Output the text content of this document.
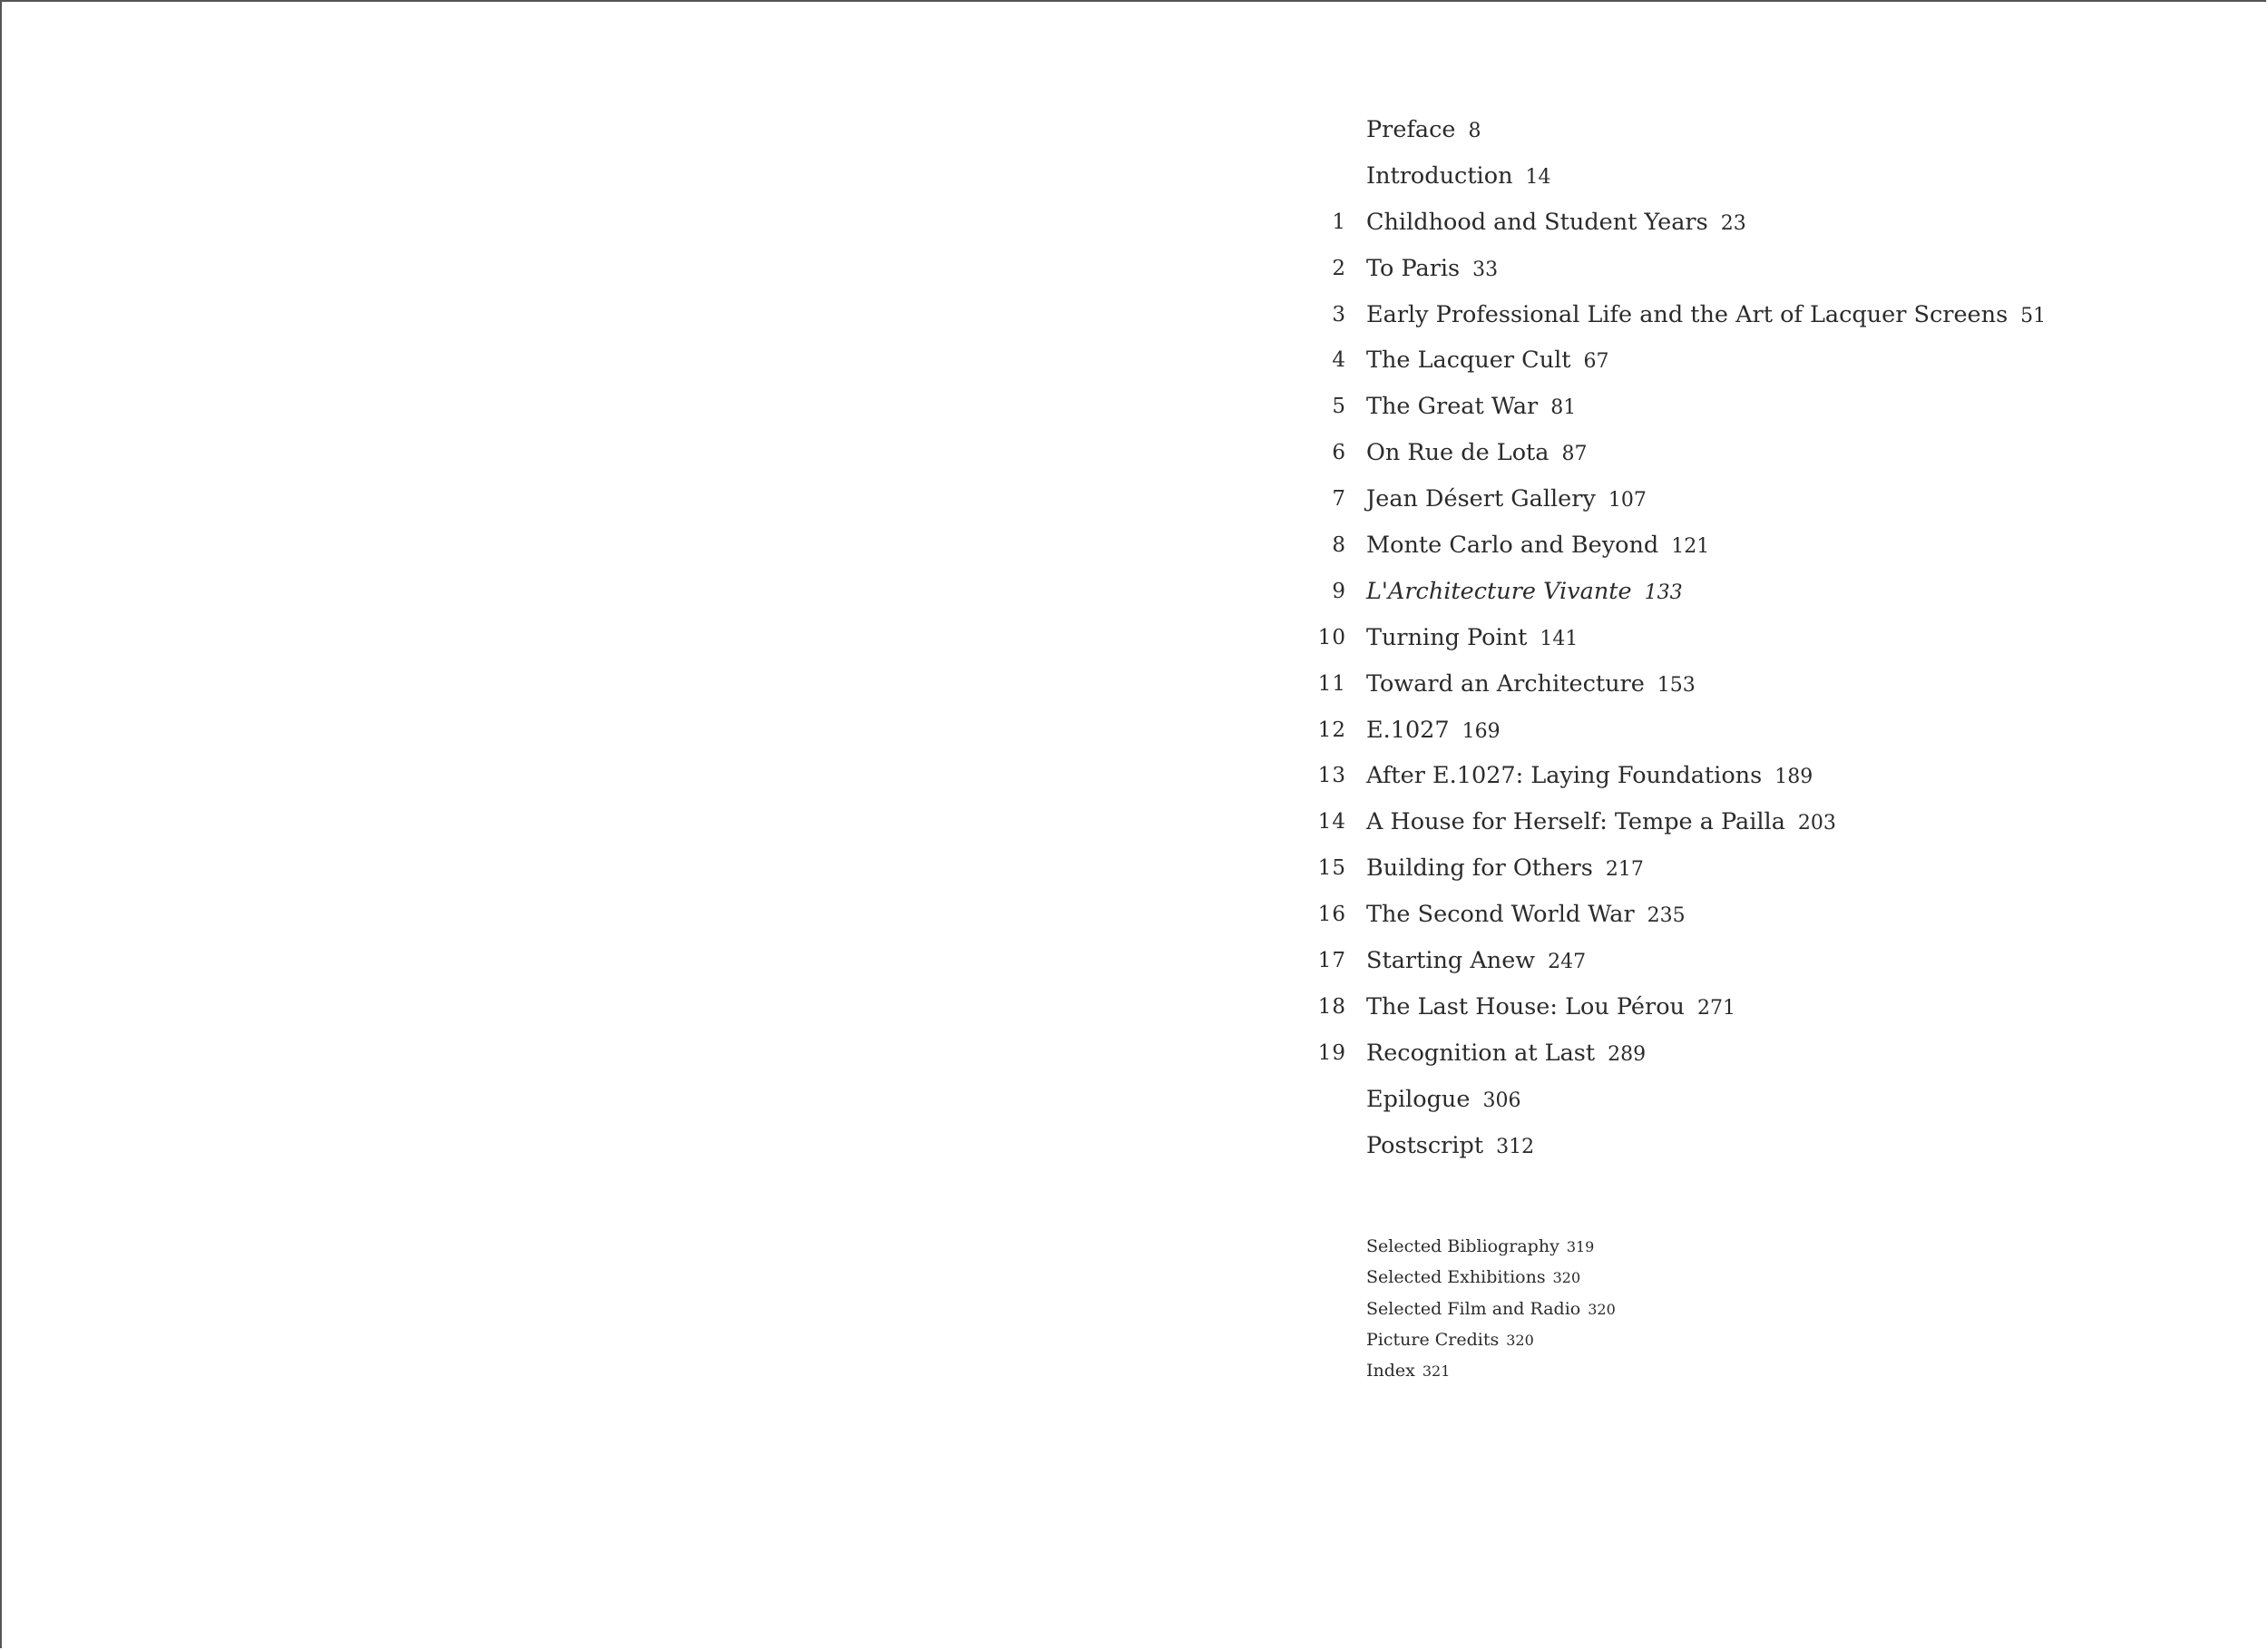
Preface 8
Introduction 14
1 Childhood and Student Years 23
2 To Paris 33
3 Early Professional Life and the Art of Lacquer Screens 51
4 The Lacquer Cult 67
5 The Great War 81
6 On Rue de Lota 87
7 Jean Désert Gallery 107
8 Monte Carlo and Beyond 121
9 L'Architecture Vivante 133
10 Turning Point 141
11 Toward an Architecture 153
12 E.1027 169
13 After E.1027: Laying Foundations 189
14 A House for Herself: Tempe a Pailla 203
15 Building for Others 217
16 The Second World War 235
17 Starting Anew 247
18 The Last House: Lou Pérou 271
19 Recognition at Last 289
Epilogue 306
Postscript 312
Selected Bibliography 319
Selected Exhibitions 320
Selected Film and Radio 320
Picture Credits 320
Index 321
